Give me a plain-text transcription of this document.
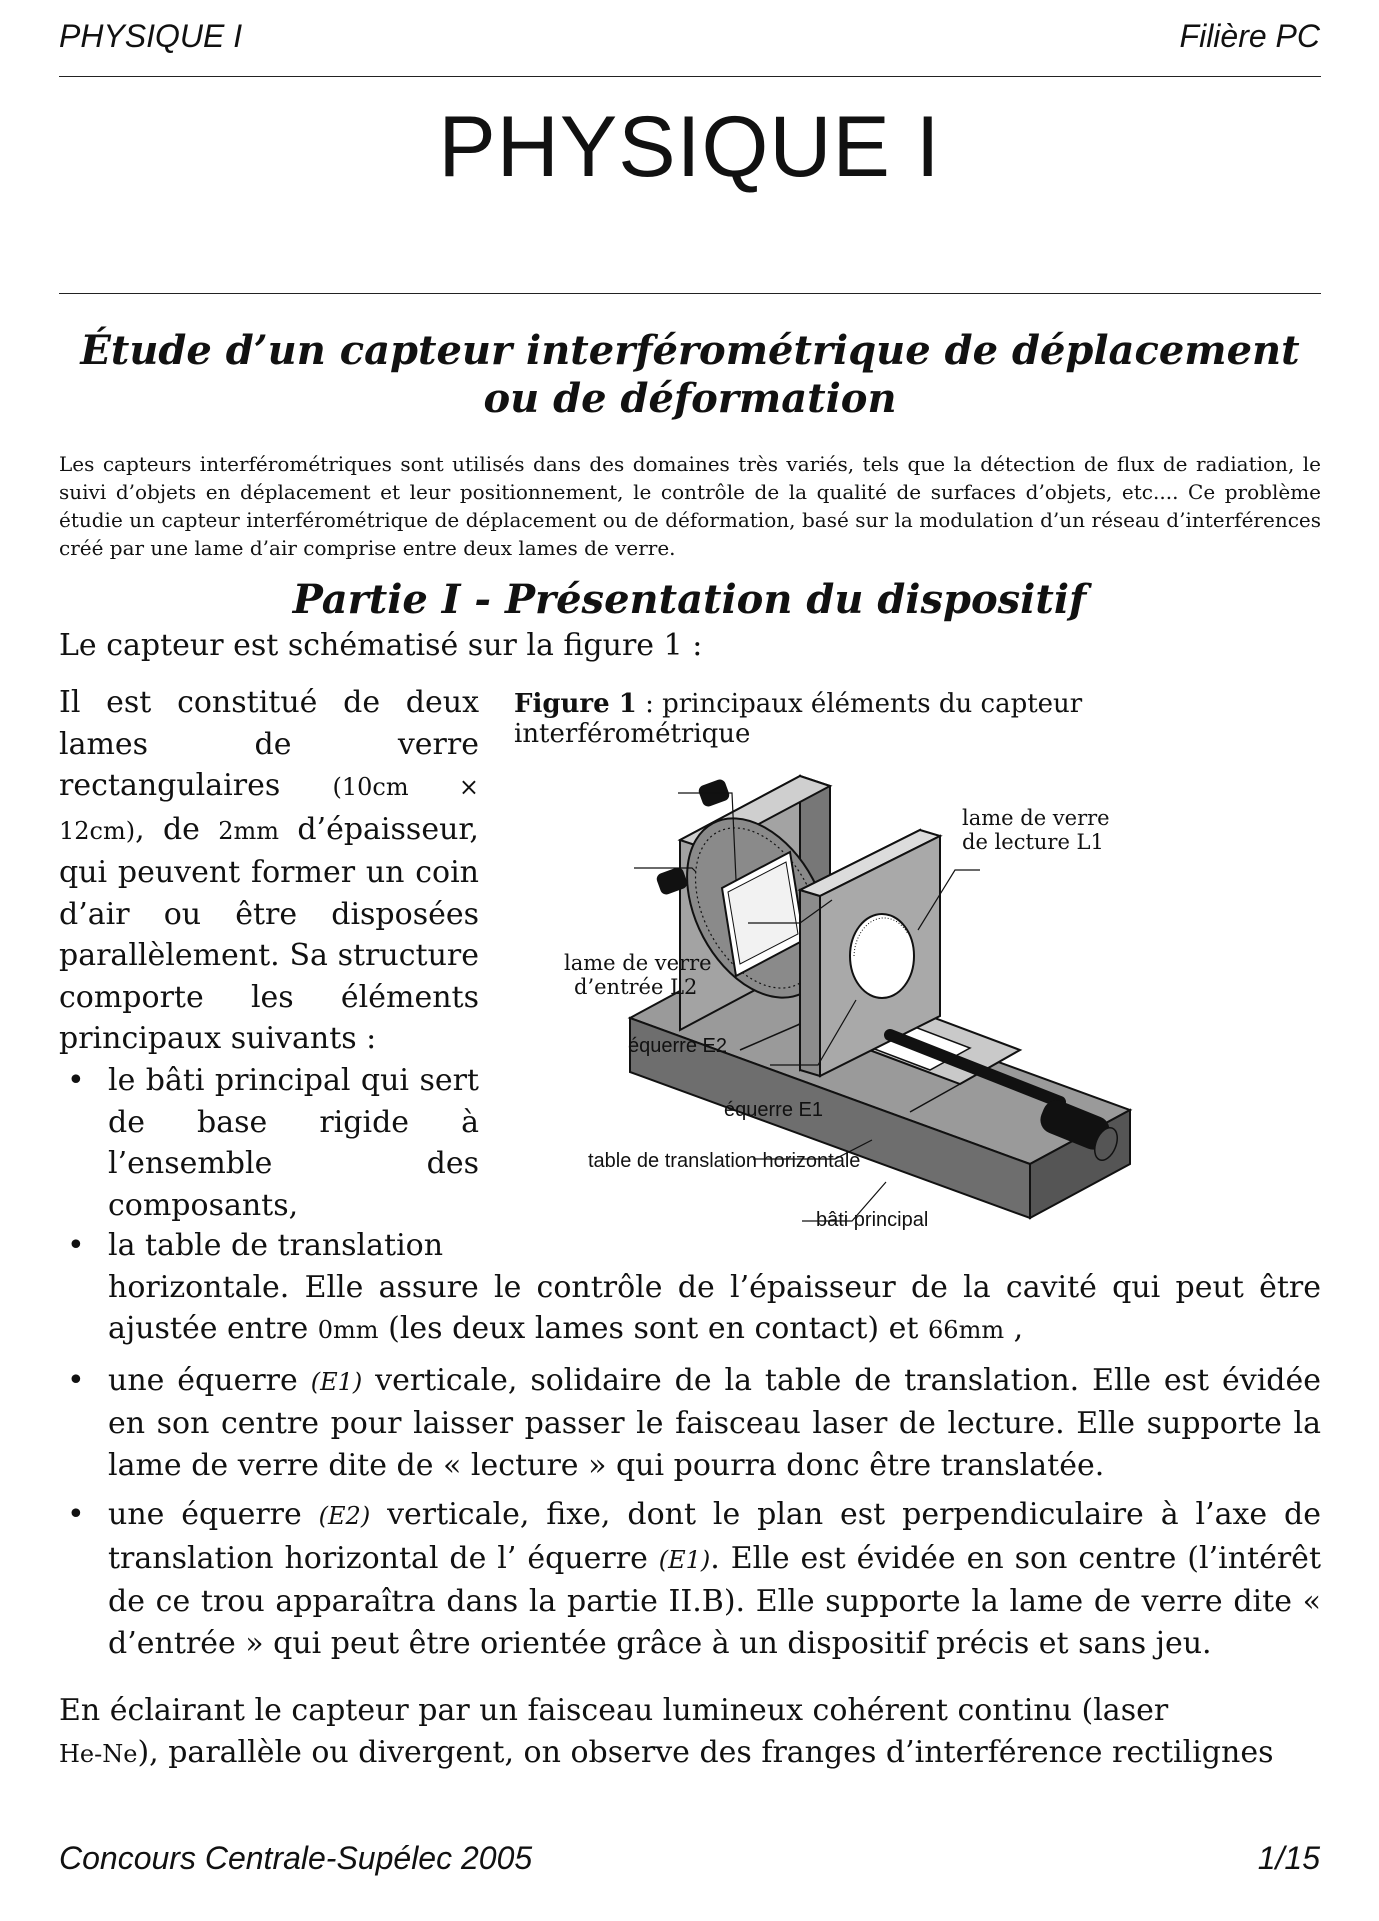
PHYSIQUE I	Filière PC
PHYSIQUE I
Étude d’un capteur interférométrique de déplacement ou de déformation
Les capteurs interférométriques sont utilisés dans des domaines très variés, tels que la détection de flux de radiation, le suivi d’objets en déplacement et leur positionnement, le contrôle de la qualité de surfaces d’objets, etc.... Ce problème étudie un capteur interférométrique de déplacement ou de déformation, basé sur la modulation d’un réseau d’interférences créé par une lame d’air comprise entre deux lames de verre.
Partie I - Présentation du dispositif
Le capteur est schématisé sur la figure 1 :
Il est constitué de deux lames de verre rectangulaires (10cm × 12cm), de 2mm d’épaisseur, qui peuvent former un coin d’air ou être disposées parallèlement. Sa structure comporte les éléments principaux suivants :
• le bâti principal qui sert de base rigide à l’ensemble des composants,
• la table de translation
horizontale. Elle assure le contrôle de l’épaisseur de la cavité qui peut être ajustée entre 0mm (les deux lames sont en contact) et 66mm ,
• une équerre (E1) verticale, solidaire de la table de translation. Elle est évidée en son centre pour laisser passer le faisceau laser de lecture. Elle supporte la lame de verre dite de « lecture » qui pourra donc être translatée.
• une équerre (E2) verticale, fixe, dont le plan est perpendiculaire à l’axe de translation horizontal de l’ équerre (E1). Elle est évidée en son centre (l’intérêt de ce trou apparaîtra dans la partie II.B). Elle supporte la lame de verre dite « d’entrée » qui peut être orientée grâce à un dispositif précis et sans jeu.
En éclairant le capteur par un faisceau lumineux cohérent continu (laser
He-Ne), parallèle ou divergent, on observe des franges d’interférence rectilignes
Figure 1 : principaux éléments du capteur interférométrique
lame de verre
de lecture L1
lame de verre
d’entrée L2
équerre E2
équerre E1
table de translation horizontale
bâti principal
Concours Centrale-Supélec 2005	1/15
